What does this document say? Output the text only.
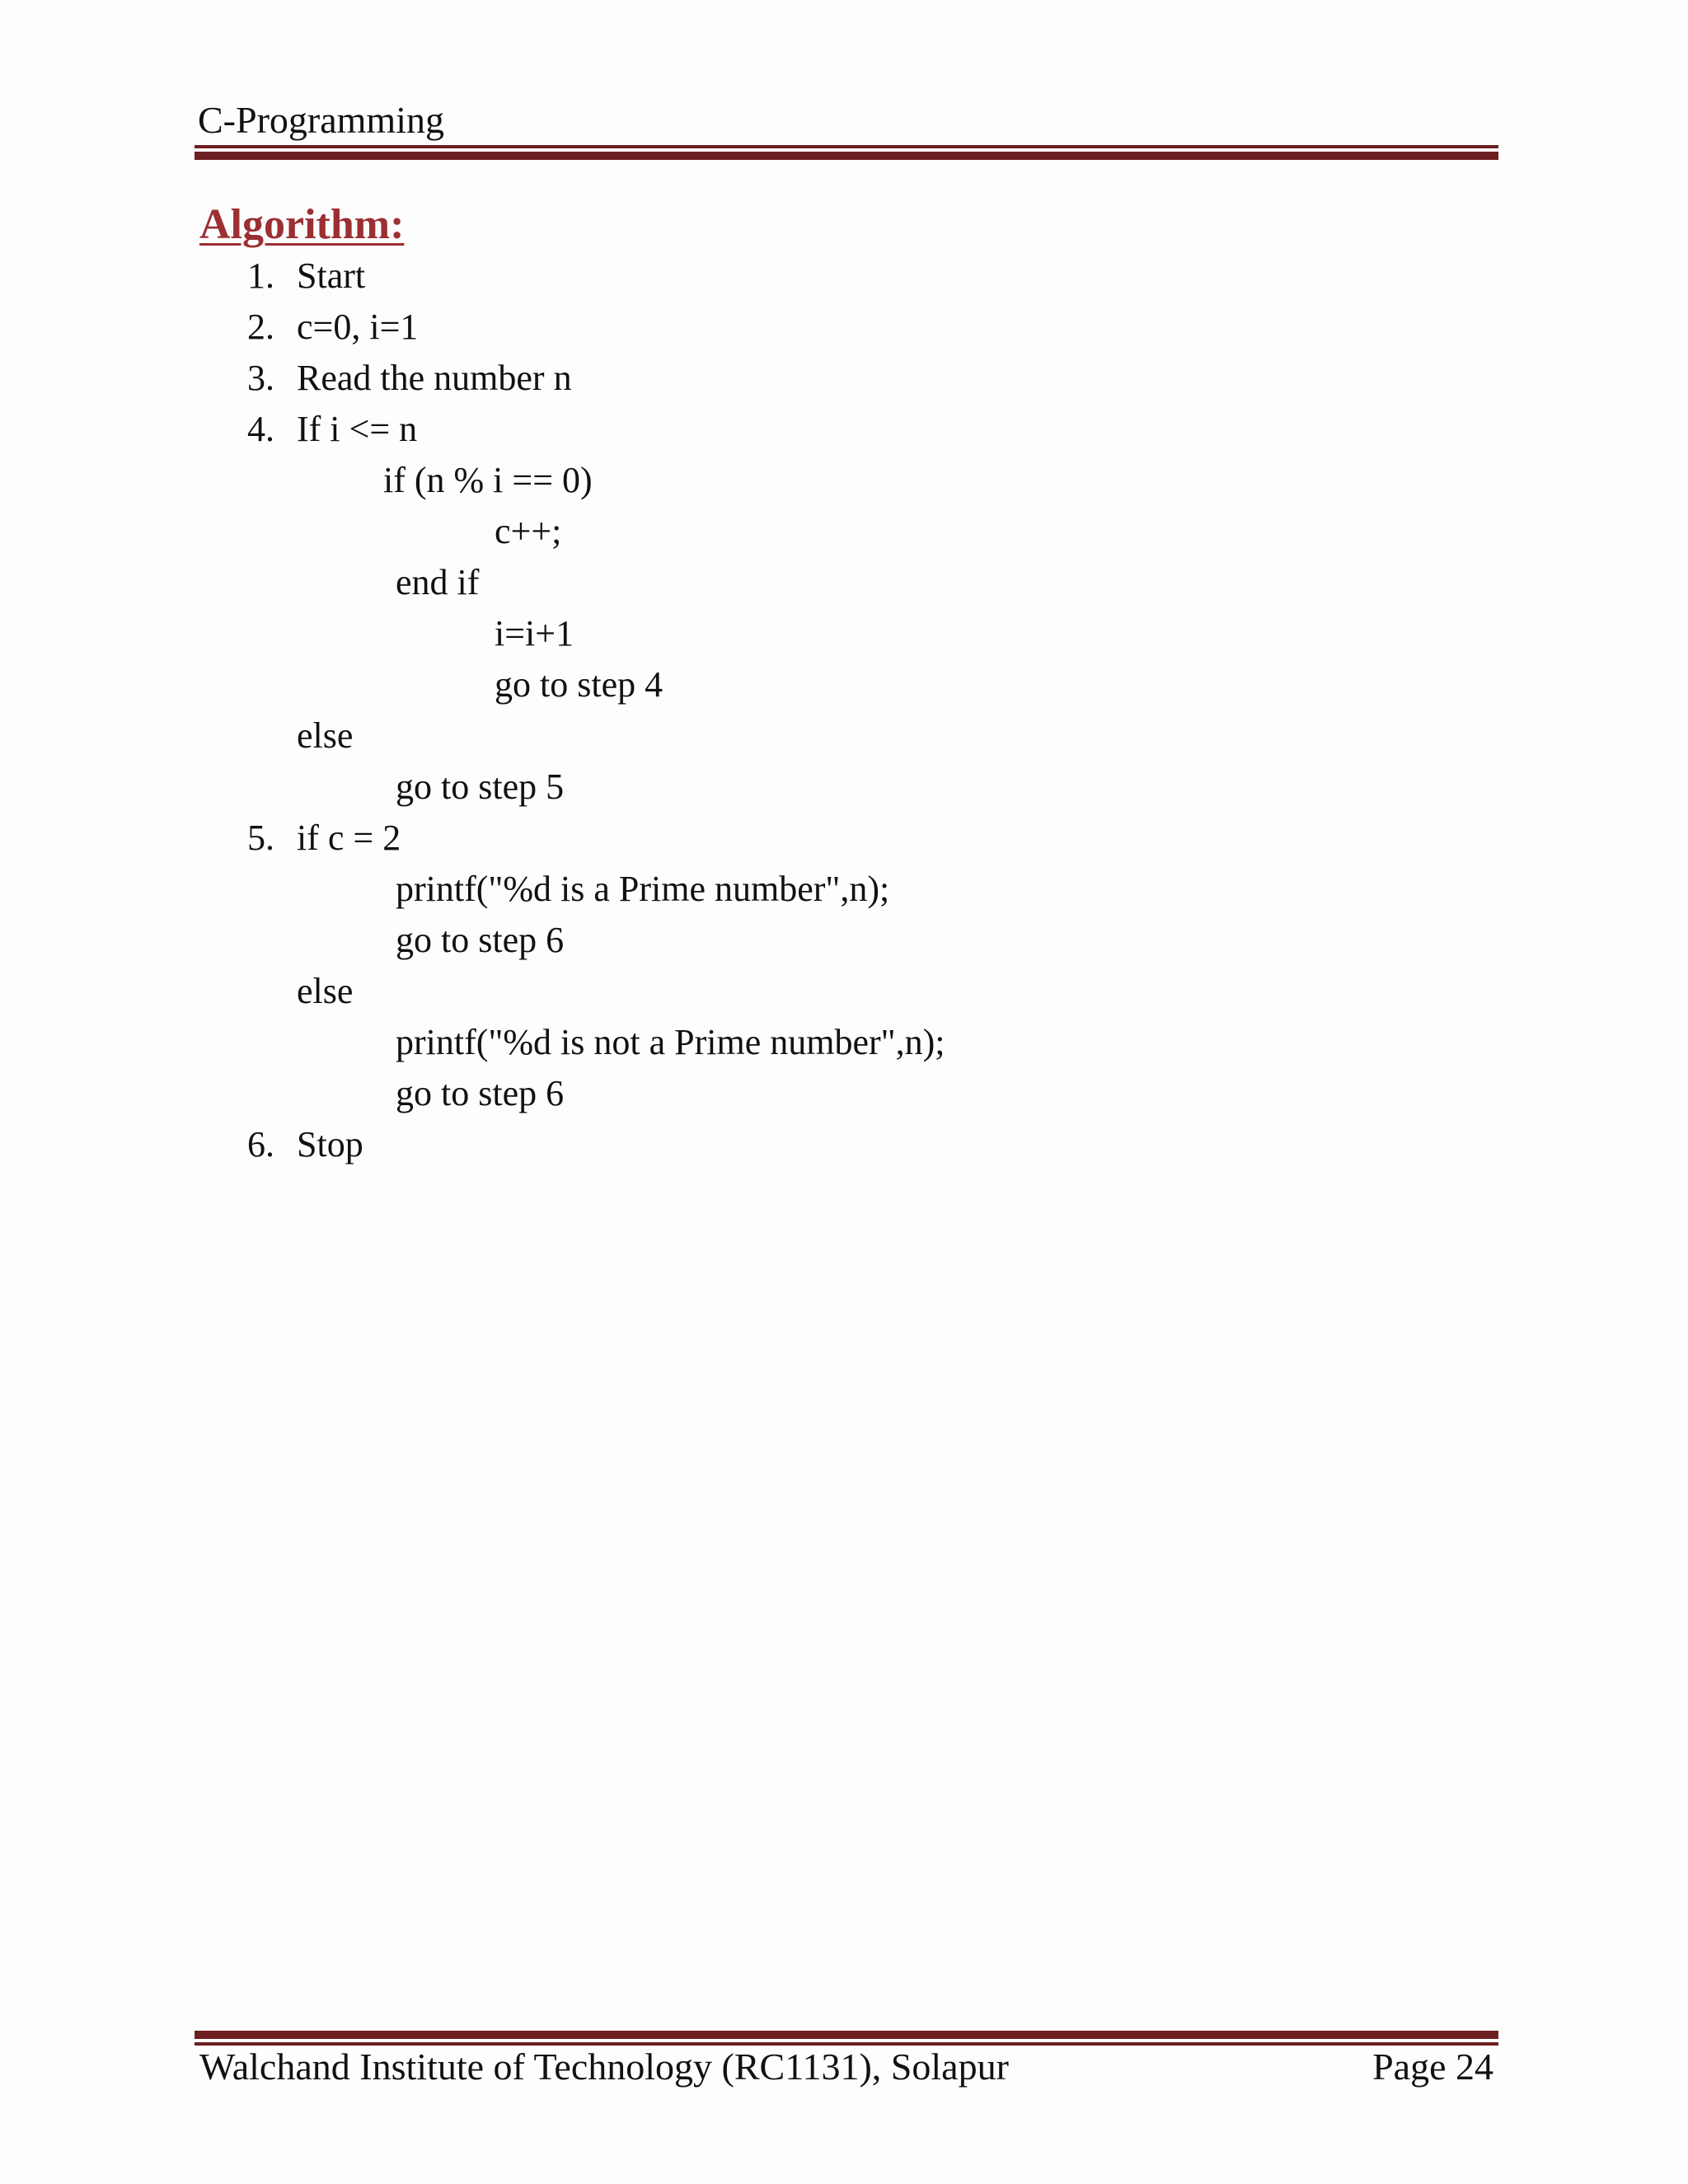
C-Programming
Algorithm:
1. Start
2. c=0, i=1
3. Read the number n
4. If i <= n
if (n % i == 0)
c++;
end if
i=i+1
go to step 4
else
go to step 5
5. if c = 2
printf("%d is a Prime number",n);
go to step 6
else
printf("%d is not a Prime number",n);
go to step 6
6. Stop
Walchand Institute of Technology (RC1131), Solapur	Page 24
